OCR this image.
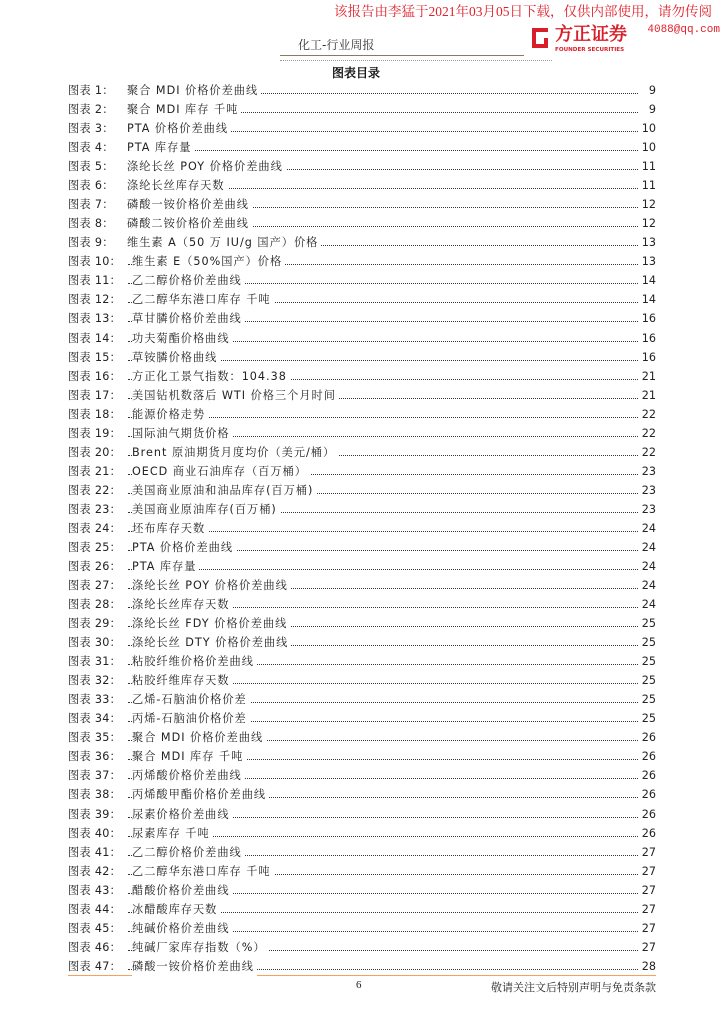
该报告由李猛于2021年03月05日下载，仅供内部使用，请勿传阅
方正证券
FOUNDER SECURITIES
4088@qq.com
化工-行业周报
图表目录
图表 1： 聚合 MDI 价格价差曲线	9
图表 2： 聚合 MDI 库存 千吨	9
图表 3： PTA 价格价差曲线	10
图表 4： PTA 库存量	10
图表 5： 涤纶长丝 POY 价格价差曲线	11
图表 6： 涤纶长丝库存天数	11
图表 7： 磷酸一铵价格价差曲线	12
图表 8： 磷酸二铵价格价差曲线	12
图表 9： 维生素 A（50 万 IU/g 国产）价格	13
图表 10： 维生素 E（50%国产）价格	13
图表 11： 乙二醇价格价差曲线	14
图表 12： 乙二醇华东港口库存 千吨	14
图表 13： 草甘膦价格价差曲线	16
图表 14： 功夫菊酯价格曲线	16
图表 15： 草铵膦价格曲线	16
图表 16： 方正化工景气指数：104.38	21
图表 17： 美国钻机数落后 WTI 价格三个月时间	21
图表 18： 能源价格走势	22
图表 19： 国际油气期货价格	22
图表 20： Brent 原油期货月度均价（美元/桶）	22
图表 21： OECD 商业石油库存（百万桶）	23
图表 22： 美国商业原油和油品库存(百万桶)	23
图表 23： 美国商业原油库存(百万桶)	23
图表 24： 坯布库存天数	24
图表 25： PTA 价格价差曲线	24
图表 26： PTA 库存量	24
图表 27： 涤纶长丝 POY 价格价差曲线	24
图表 28： 涤纶长丝库存天数	24
图表 29： 涤纶长丝 FDY 价格价差曲线	25
图表 30： 涤纶长丝 DTY 价格价差曲线	25
图表 31： 粘胶纤维价格价差曲线	25
图表 32： 粘胶纤维库存天数	25
图表 33： 乙烯-石脑油价格价差	25
图表 34： 丙烯-石脑油价格价差	25
图表 35： 聚合 MDI 价格价差曲线	26
图表 36： 聚合 MDI 库存 千吨	26
图表 37： 丙烯酸价格价差曲线	26
图表 38： 丙烯酸甲酯价格价差曲线	26
图表 39： 尿素价格价差曲线	26
图表 40： 尿素库存 千吨	26
图表 41： 乙二醇价格价差曲线	27
图表 42： 乙二醇华东港口库存 千吨	27
图表 43： 醋酸价格价差曲线	27
图表 44： 冰醋酸库存天数	27
图表 45： 纯碱价格价差曲线	27
图表 46： 纯碱厂家库存指数（%）	27
图表 47： 磷酸一铵价格价差曲线	28
6	敬请关注文后特别声明与免责条款
